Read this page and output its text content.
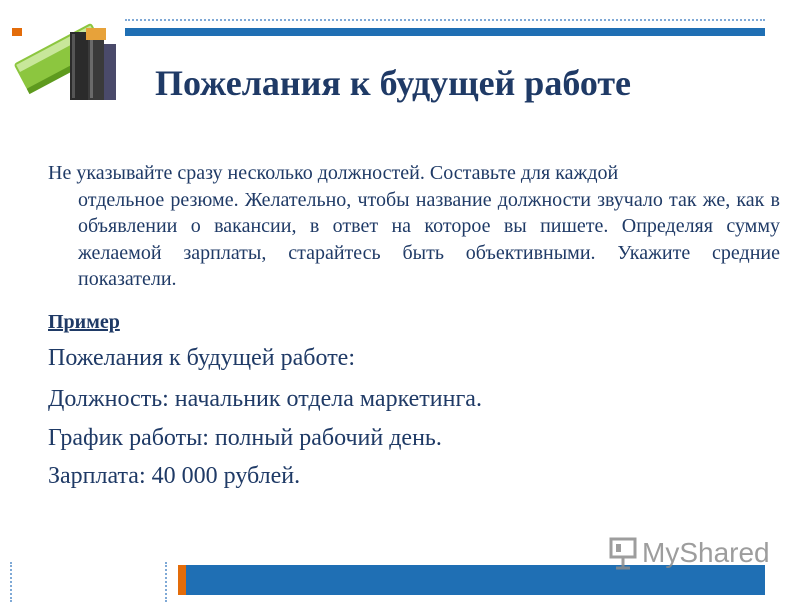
Пожелания к будущей работе
Не указывайте сразу несколько должностей. Составьте для каждой
отдельное резюме. Желательно, чтобы название должности звучало так же, как в объявлении о вакансии, в ответ на которое вы пишете. Определяя сумму желаемой зарплаты, старайтесь быть объективными. Укажите средние показатели.
Пример
Пожелания к будущей работе:
Должность: начальник отдела маркетинга.
График работы: полный рабочий день.
Зарплата: 40 000 рублей.
MyShared
